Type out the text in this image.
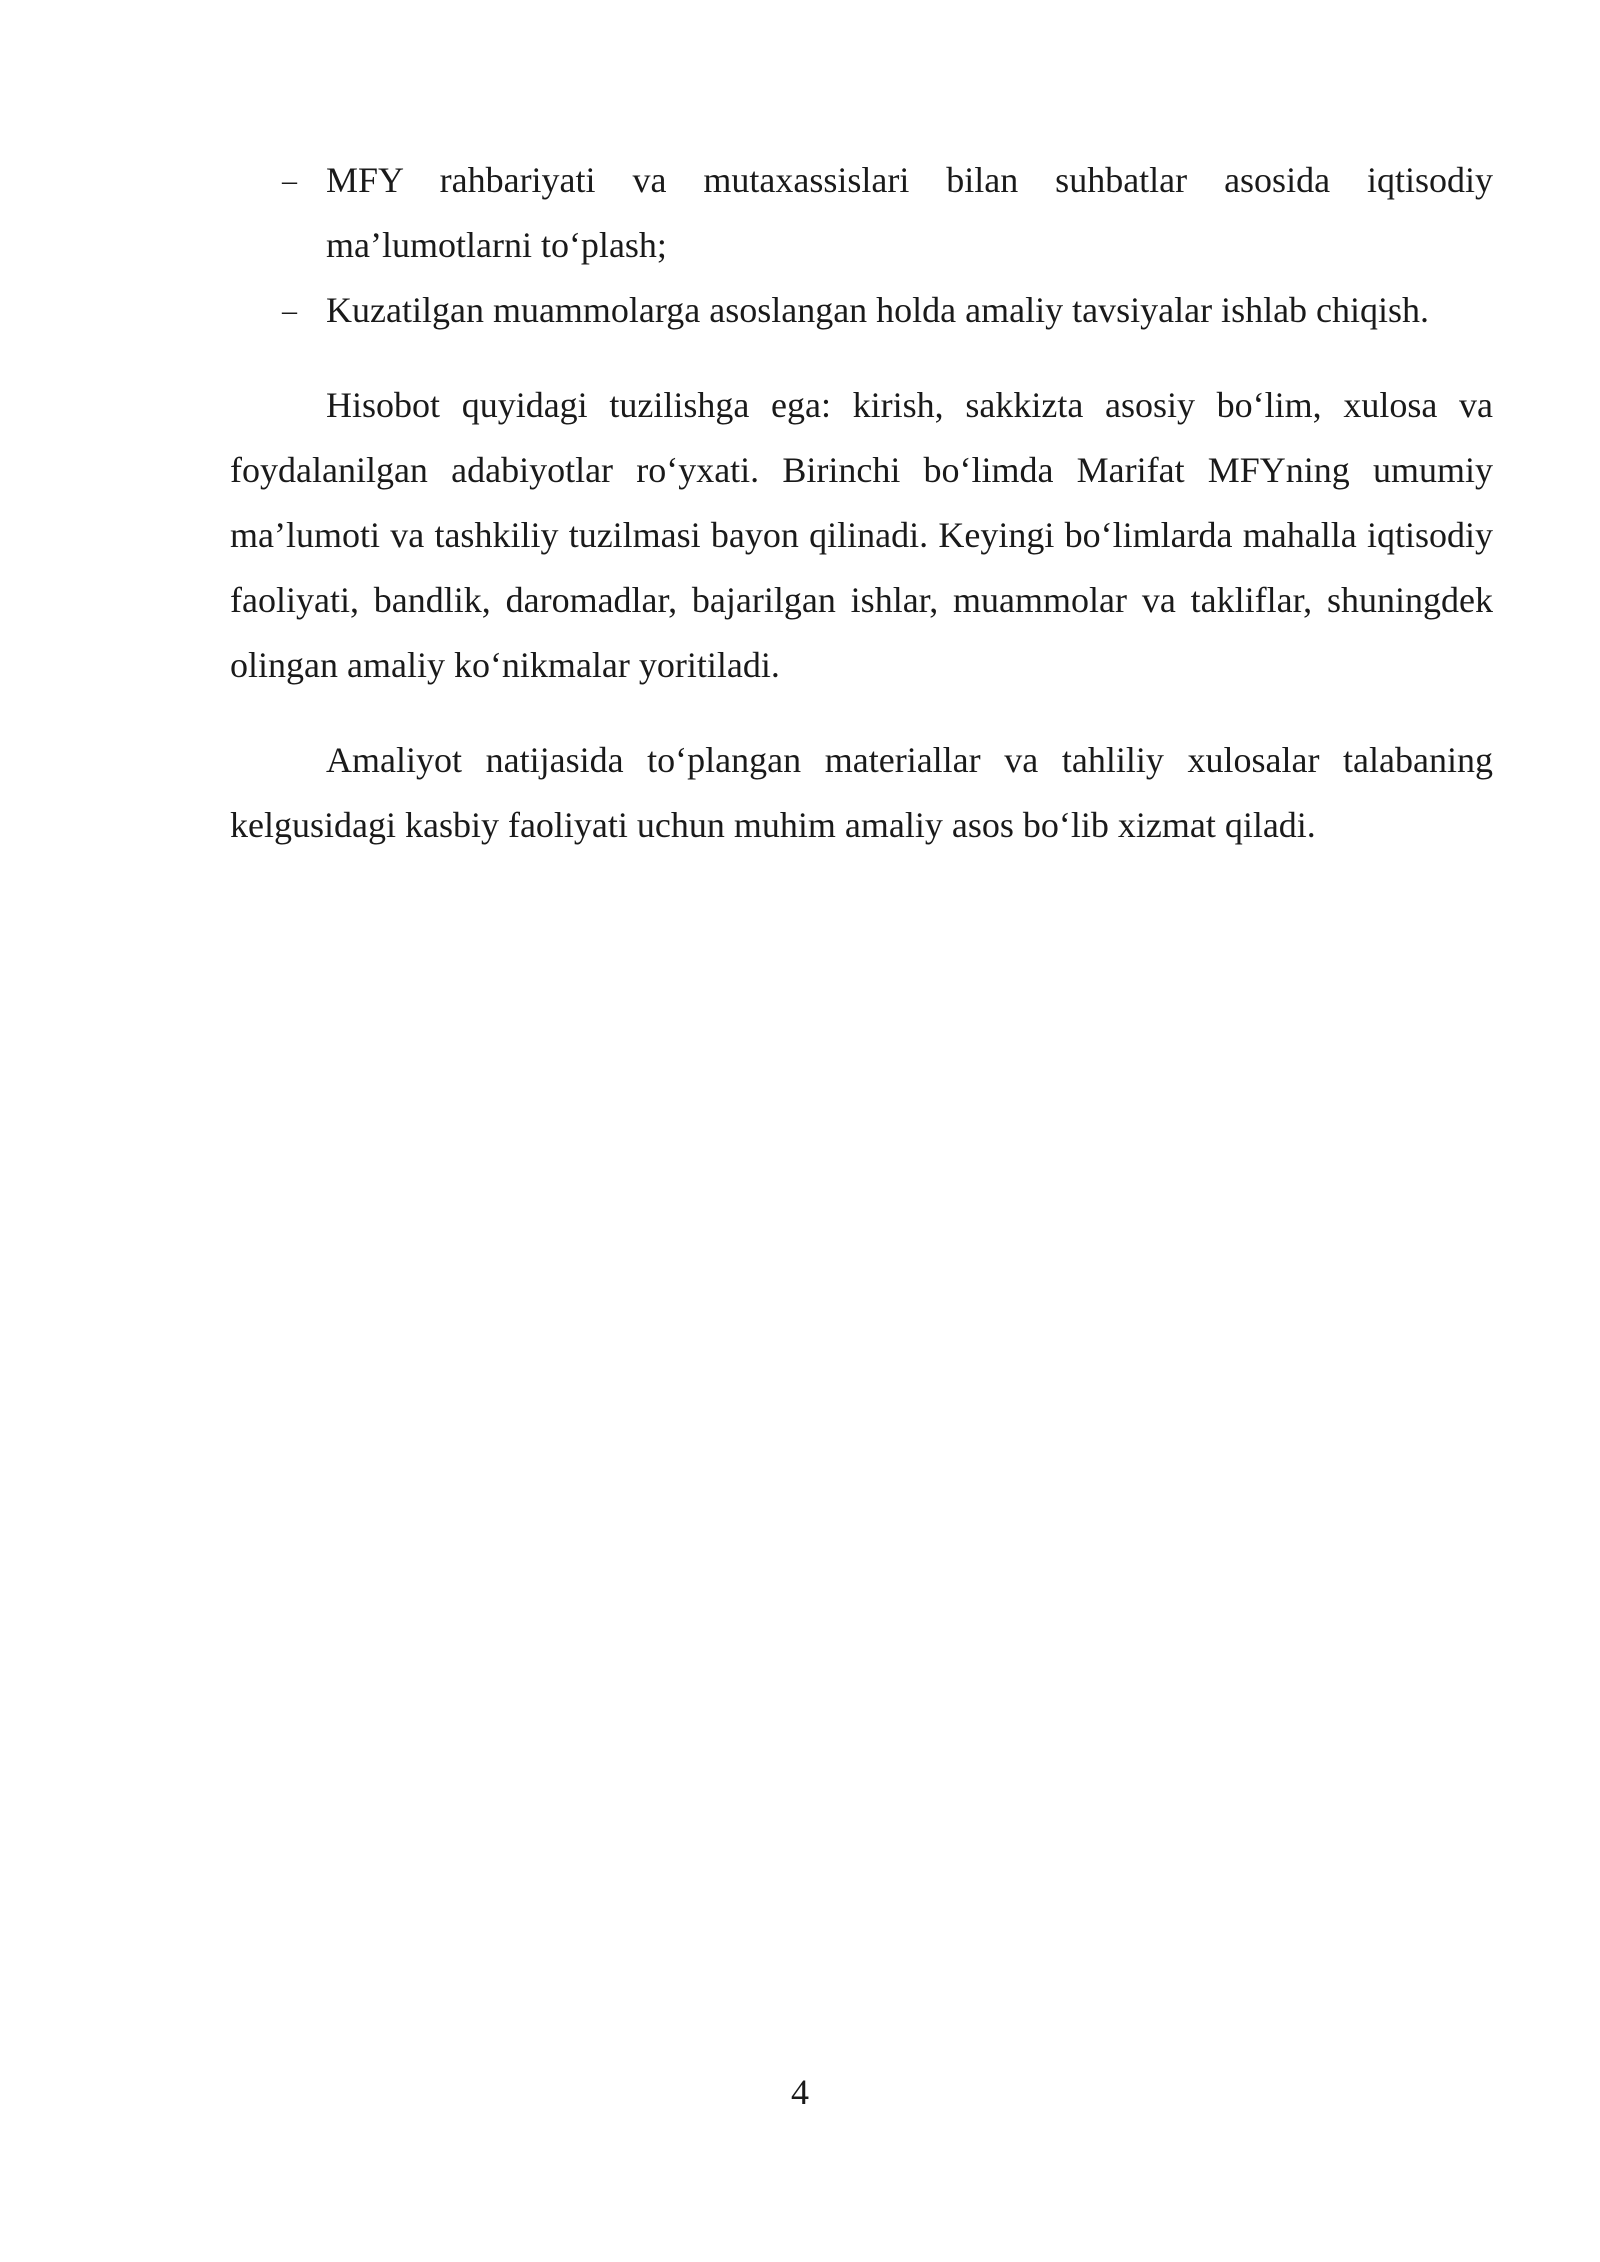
– MFY rahbariyati va mutaxassislari bilan suhbatlar asosida iqtisodiy ma’lumotlarni to‘plash;
– Kuzatilgan muammolarga asoslangan holda amaliy tavsiyalar ishlab chiqish.

Hisobot quyidagi tuzilishga ega: kirish, sakkizta asosiy bo‘lim, xulosa va foydalanilgan adabiyotlar ro‘yxati. Birinchi bo‘limda Marifat MFYning umumiy ma’lumoti va tashkiliy tuzilmasi bayon qilinadi. Keyingi bo‘limlarda mahalla iqtisodiy faoliyati, bandlik, daromadlar, bajarilgan ishlar, muammolar va takliflar, shuningdek olingan amaliy ko‘nikmalar yoritiladi.

Amaliyot natijasida to‘plangan materiallar va tahliliy xulosalar talabaning kelgusidagi kasbiy faoliyati uchun muhim amaliy asos bo‘lib xizmat qiladi.

4
